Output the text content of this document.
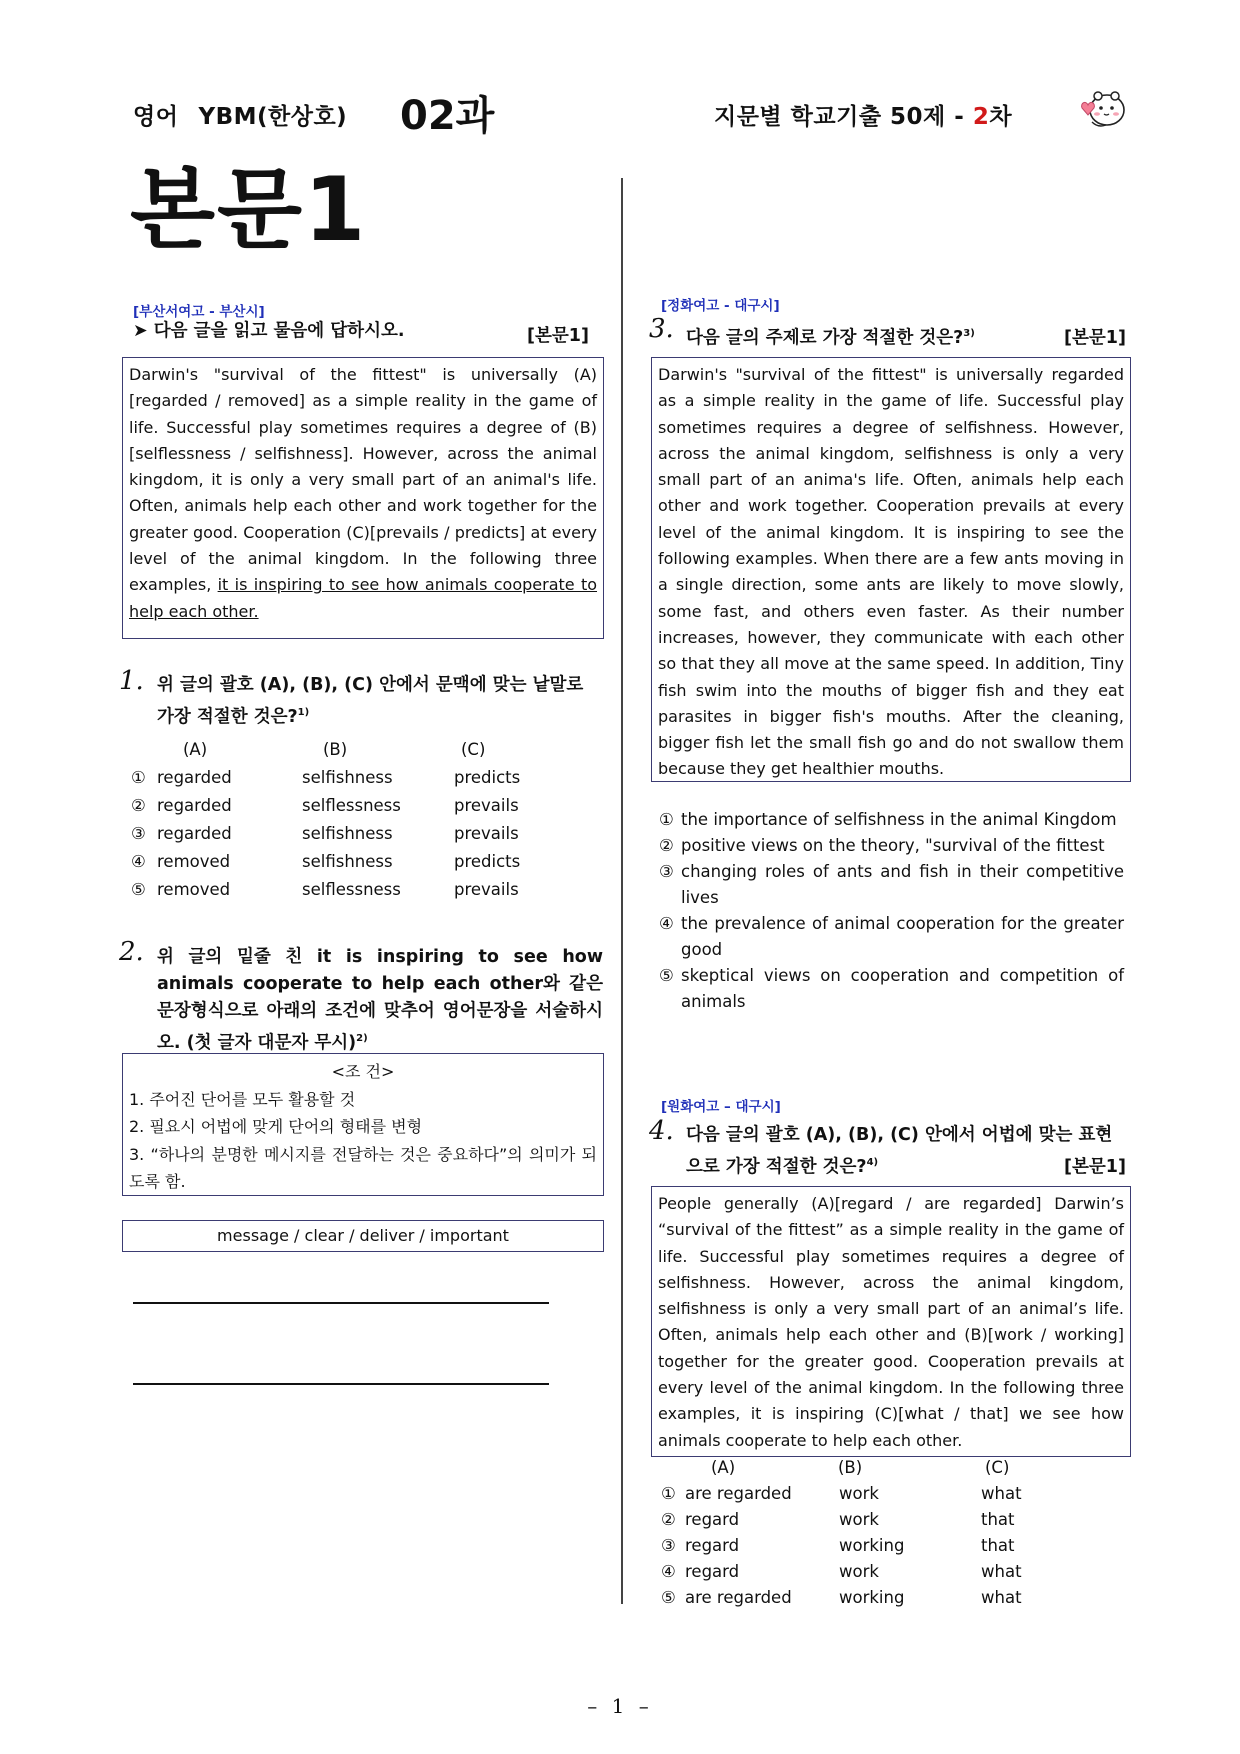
영어 YBM(한상호) 02과	지문별 학교기출 50제 - 2차
본문1
[부산서여고 - 부산시]
➤ 다음 글을 읽고 물음에 답하시오.	[본문1]
Darwin's "survival of the fittest" is universally (A)[regarded / removed] as a simple reality in the game of life. Successful play sometimes requires a degree of (B)[selflessness / selfishness]. However, across the animal kingdom, it is only a very small part of an animal's life. Often, animals help each other and work together for the greater good. Cooperation (C)[prevails / predicts] at every level of the animal kingdom. In the following three examples, it is inspiring to see how animals cooperate to help each other.
1. 위 글의 괄호 (A), (B), (C) 안에서 문맥에 맞는 낱말로 가장 적절한 것은?$^{1)}$
(A)	(B)	(C)
① regarded	selfishness	predicts
② regarded	selflessness	prevails
③ regarded	selfishness	prevails
④ removed	selfishness	predicts
⑤ removed	selflessness	prevails
2. 위 글의 밑줄 친 it is inspiring to see how animals cooperate to help each other와 같은 문장형식으로 아래의 조건에 맞추어 영어문장을 서술하시오. (첫 글자 대문자 무시)$^{2)}$
<조 건>
1. 주어진 단어를 모두 활용할 것
2. 필요시 어법에 맞게 단어의 형태를 변형
3. “하나의 분명한 메시지를 전달하는 것은 중요하다”의 의미가 되도록 함.
message / clear / deliver / important
[정화여고 - 대구시]
3. 다음 글의 주제로 가장 적절한 것은?$^{3)}$	[본문1]
Darwin's "survival of the fittest" is universally regarded as a simple reality in the game of life. Successful play sometimes requires a degree of selfishness. However, across the animal kingdom, selfishness is only a very small part of an anima's life. Often, animals help each other and work together. Cooperation prevails at every level of the animal kingdom. It is inspiring to see the following examples. When there are a few ants moving in a single direction, some ants are likely to move slowly, some fast, and others even faster. As their number increases, however, they communicate with each other so that they all move at the same speed. In addition, Tiny fish swim into the mouths of bigger fish and they eat parasites in bigger fish's mouths. After the cleaning, bigger fish let the small fish go and do not swallow them because they get healthier mouths.
① the importance of selfishness in the animal Kingdom
② positive views on the theory, "survival of the fittest
③ changing roles of ants and fish in their competitive lives
④ the prevalence of animal cooperation for the greater good
⑤ skeptical views on cooperation and competition of animals
[원화여고 – 대구시]
4. 다음 글의 괄호 (A), (B), (C) 안에서 어법에 맞는 표현으로 가장 적절한 것은?$^{4)}$	[본문1]
People generally (A)[regard / are regarded] Darwin’s “survival of the fittest” as a simple reality in the game of life. Successful play sometimes requires a degree of selfishness. However, across the animal kingdom, selfishness is only a very small part of an animal’s life. Often, animals help each other and (B)[work / working] together for the greater good. Cooperation prevails at every level of the animal kingdom. In the following three examples, it is inspiring (C)[what / that] we see how animals cooperate to help each other.
(A)	(B)	(C)
① are regarded	work	what
② regard	work	that
③ regard	working	that
④ regard	work	what
⑤ are regarded	working	what
– 1 –
